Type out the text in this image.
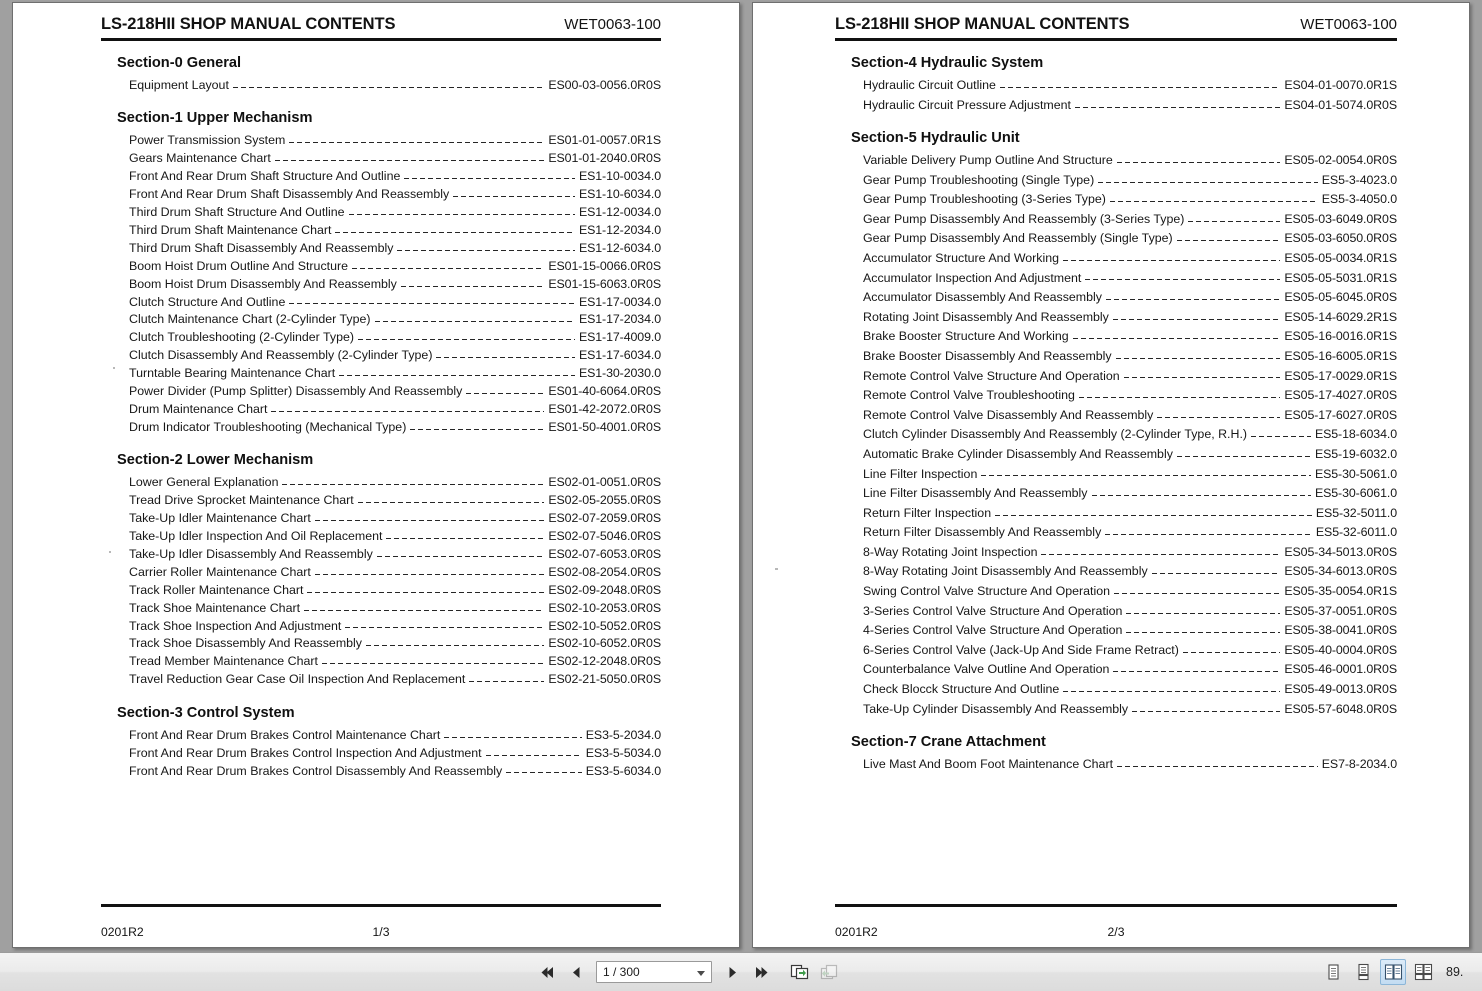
LS-218HII SHOP MANUAL CONTENTS	WET0063-100
Section-0 General
Equipment Layout	ES00-03-0056.0R0S
Section-1 Upper Mechanism
Power Transmission System	ES01-01-0057.0R1S
Gears Maintenance Chart	ES01-01-2040.0R0S
Front And Rear Drum Shaft Structure And Outline	ES1-10-0034.0
Front And Rear Drum Shaft Disassembly And Reassembly	ES1-10-6034.0
Third Drum Shaft Structure And Outline	ES1-12-0034.0
Third Drum Shaft Maintenance Chart	ES1-12-2034.0
Third Drum Shaft Disassembly And Reassembly	ES1-12-6034.0
Boom Hoist Drum Outline And Structure	ES01-15-0066.0R0S
Boom Hoist Drum Disassembly And Reassembly	ES01-15-6063.0R0S
Clutch Structure And Outline	ES1-17-0034.0
Clutch Maintenance Chart (2-Cylinder Type)	ES1-17-2034.0
Clutch Troubleshooting (2-Cylinder Type)	ES1-17-4009.0
Clutch Disassembly And Reassembly (2-Cylinder Type)	ES1-17-6034.0
Turntable Bearing Maintenance Chart	ES1-30-2030.0
Power Divider (Pump Splitter) Disassembly And Reassembly	ES01-40-6064.0R0S
Drum Maintenance Chart	ES01-42-2072.0R0S
Drum Indicator Troubleshooting (Mechanical Type)	ES01-50-4001.0R0S
Section-2 Lower Mechanism
Lower General Explanation	ES02-01-0051.0R0S
Tread Drive Sprocket Maintenance Chart	ES02-05-2055.0R0S
Take-Up Idler Maintenance Chart	ES02-07-2059.0R0S
Take-Up Idler Inspection And Oil Replacement	ES02-07-5046.0R0S
Take-Up Idler Disassembly And Reassembly	ES02-07-6053.0R0S
Carrier Roller Maintenance Chart	ES02-08-2054.0R0S
Track Roller Maintenance Chart	ES02-09-2048.0R0S
Track Shoe Maintenance Chart	ES02-10-2053.0R0S
Track Shoe Inspection And Adjustment	ES02-10-5052.0R0S
Track Shoe Disassembly And Reassembly	ES02-10-6052.0R0S
Tread Member Maintenance Chart	ES02-12-2048.0R0S
Travel Reduction Gear Case Oil Inspection And Replacement	ES02-21-5050.0R0S
Section-3 Control System
Front And Rear Drum Brakes Control Maintenance Chart	ES3-5-2034.0
Front And Rear Drum Brakes Control Inspection And Adjustment	ES3-5-5034.0
Front And Rear Drum Brakes Control Disassembly And Reassembly	ES3-5-6034.0
0201R2	1/3
LS-218HII SHOP MANUAL CONTENTS	WET0063-100
Section-4 Hydraulic System
Hydraulic Circuit Outline	ES04-01-0070.0R1S
Hydraulic Circuit Pressure Adjustment	ES04-01-5074.0R0S
Section-5 Hydraulic Unit
Variable Delivery Pump Outline And Structure	ES05-02-0054.0R0S
Gear Pump Troubleshooting (Single Type)	ES5-3-4023.0
Gear Pump Troubleshooting (3-Series Type)	ES5-3-4050.0
Gear Pump Disassembly And Reassembly (3-Series Type)	ES05-03-6049.0R0S
Gear Pump Disassembly And Reassembly (Single Type)	ES05-03-6050.0R0S
Accumulator Structure And Working	ES05-05-0034.0R1S
Accumulator Inspection And Adjustment	ES05-05-5031.0R1S
Accumulator Disassembly And Reassembly	ES05-05-6045.0R0S
Rotating Joint Disassembly And Reassembly	ES05-14-6029.2R1S
Brake Booster Structure And Working	ES05-16-0016.0R1S
Brake Booster Disassembly And Reassembly	ES05-16-6005.0R1S
Remote Control Valve Structure And Operation	ES05-17-0029.0R1S
Remote Control Valve Troubleshooting	ES05-17-4027.0R0S
Remote Control Valve Disassembly And Reassembly	ES05-17-6027.0R0S
Clutch Cylinder Disassembly And Reassembly (2-Cylinder Type, R.H.)	ES5-18-6034.0
Automatic Brake Cylinder Disassembly And Reassembly	ES5-19-6032.0
Line Filter Inspection	ES5-30-5061.0
Line Filter Disassembly And Reassembly	ES5-30-6061.0
Return Filter Inspection	ES5-32-5011.0
Return Filter Disassembly And Reassembly	ES5-32-6011.0
8-Way Rotating Joint Inspection	ES05-34-5013.0R0S
8-Way Rotating Joint Disassembly And Reassembly	ES05-34-6013.0R0S
Swing Control Valve Structure And Operation	ES05-35-0054.0R1S
3-Series Control Valve Structure And Operation	ES05-37-0051.0R0S
4-Series Control Valve Structure And Operation	ES05-38-0041.0R0S
6-Series Control Valve (Jack-Up And Side Frame Retract)	ES05-40-0004.0R0S
Counterbalance Valve Outline And Operation	ES05-46-0001.0R0S
Check Blocck Structure And Outline	ES05-49-0013.0R0S
Take-Up Cylinder Disassembly And Reassembly	ES05-57-6048.0R0S
Section-7 Crane Attachment
Live Mast And Boom Foot Maintenance Chart	ES7-8-2034.0
0201R2	2/3
1 / 300
89.
